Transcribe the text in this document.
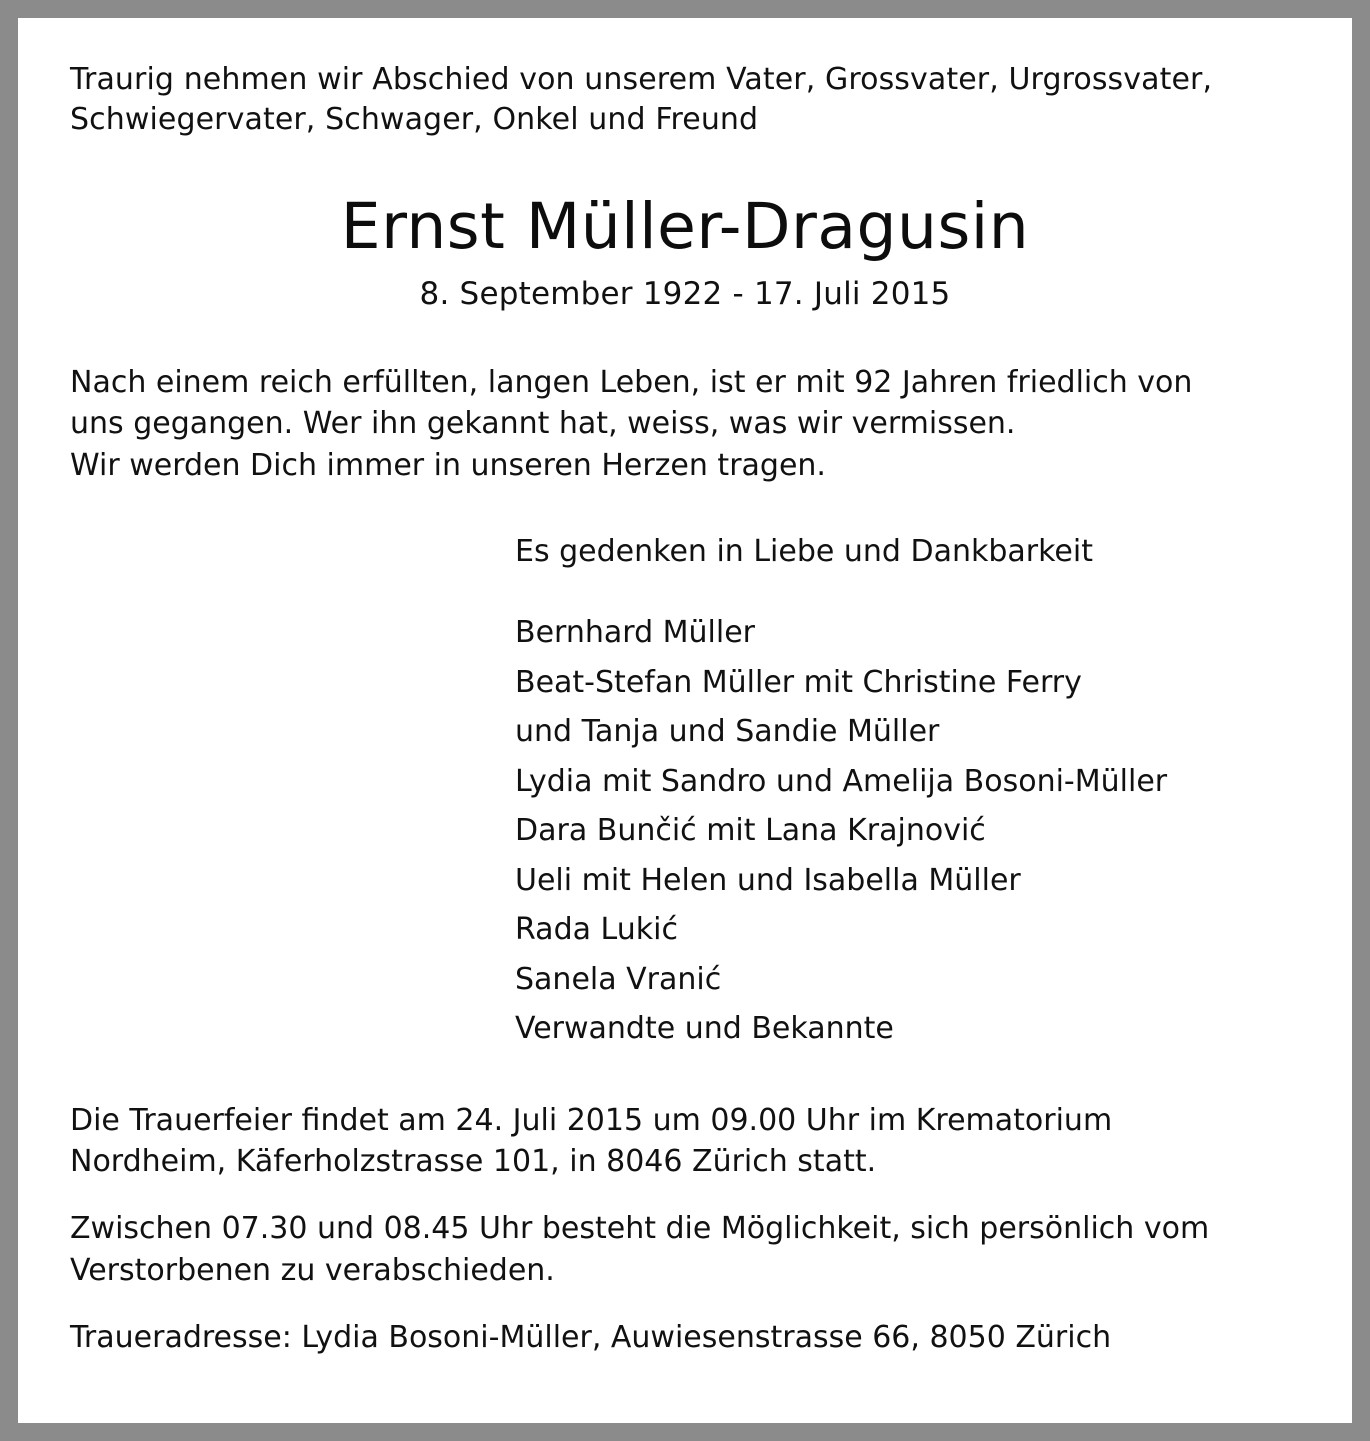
Traurig nehmen wir Abschied von unserem Vater, Grossvater, Urgrossvater,
Schwiegervater, Schwager, Onkel und Freund
Ernst Müller-Dragusin
8. September 1922 - 17. Juli 2015
Nach einem reich erfüllten, langen Leben, ist er mit 92 Jahren friedlich von
uns gegangen. Wer ihn gekannt hat, weiss, was wir vermissen.
Wir werden Dich immer in unseren Herzen tragen.
Es gedenken in Liebe und Dankbarkeit
Bernhard Müller
Beat-Stefan Müller mit Christine Ferry
und Tanja und Sandie Müller
Lydia mit Sandro und Amelija Bosoni-Müller
Dara Bunčić mit Lana Krajnović
Ueli mit Helen und Isabella Müller
Rada Lukić
Sanela Vranić
Verwandte und Bekannte

Die Trauerfeier findet am 24. Juli 2015 um 09.00 Uhr im Krematorium
Nordheim, Käferholzstrasse 101, in 8046 Zürich statt.

Zwischen 07.30 und 08.45 Uhr besteht die Möglichkeit, sich persönlich vom
Verstorbenen zu verabschieden.

Traueradresse: Lydia Bosoni-Müller, Auwiesenstrasse 66, 8050 Zürich
